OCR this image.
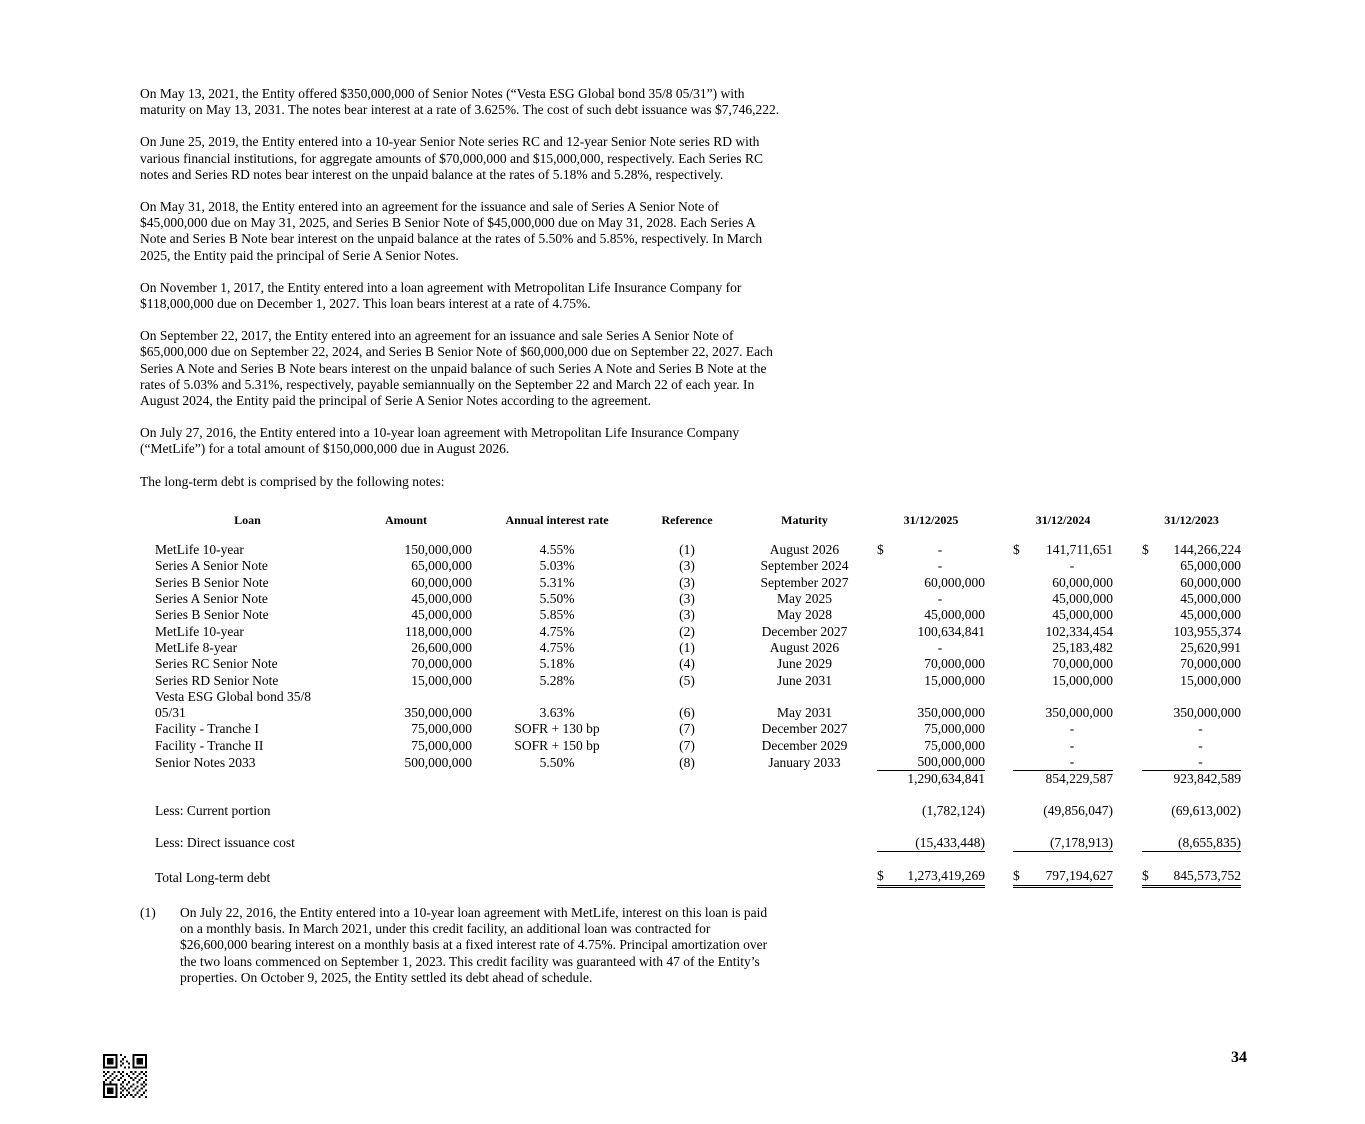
On May 13, 2021, the Entity offered $350,000,000 of Senior Notes (“Vesta ESG Global bond 35/8 05/31”) with maturity on May 13, 2031. The notes bear interest at a rate of 3.625%. The cost of such debt issuance was $7,746,222.

On June 25, 2019, the Entity entered into a 10-year Senior Note series RC and 12-year Senior Note series RD with various financial institutions, for aggregate amounts of $70,000,000 and $15,000,000, respectively. Each Series RC notes and Series RD notes bear interest on the unpaid balance at the rates of 5.18% and 5.28%, respectively.

On May 31, 2018, the Entity entered into an agreement for the issuance and sale of Series A Senior Note of $45,000,000 due on May 31, 2025, and Series B Senior Note of $45,000,000 due on May 31, 2028. Each Series A Note and Series B Note bear interest on the unpaid balance at the rates of 5.50% and 5.85%, respectively. In March 2025, the Entity paid the principal of Serie A Senior Notes.

On November 1, 2017, the Entity entered into a loan agreement with Metropolitan Life Insurance Company for $118,000,000 due on December 1, 2027. This loan bears interest at a rate of 4.75%.

On September 22, 2017, the Entity entered into an agreement for an issuance and sale Series A Senior Note of $65,000,000 due on September 22, 2024, and Series B Senior Note of $60,000,000 due on September 22, 2027. Each Series A Note and Series B Note bears interest on the unpaid balance of such Series A Note and Series B Note at the rates of 5.03% and 5.31%, respectively, payable semiannually on the September 22 and March 22 of each year. In August 2024, the Entity paid the principal of Serie A Senior Notes according to the agreement.

On July 27, 2016, the Entity entered into a 10-year loan agreement with Metropolitan Life Insurance Company (“MetLife”) for a total amount of $150,000,000 due in August 2026.

The long-term debt is comprised by the following notes:

Loan	Amount	Annual interest rate	Reference	Maturity	31/12/2025			31/12/2024			31/12/2023	

MetLife 10-year	150,000,000	4.55%	(1)	August 2026	$	-		$	141,711,651		$	144,266,224
Series A Senior Note	65,000,000	5.03%	(3)	September 2024		-			-			65,000,000
Series B Senior Note	60,000,000	5.31%	(3)	September 2027		60,000,000			60,000,000			60,000,000
Series A Senior Note	45,000,000	5.50%	(3)	May 2025		-			45,000,000			45,000,000
Series B Senior Note	45,000,000	5.85%	(3)	May 2028		45,000,000			45,000,000			45,000,000
MetLife 10-year	118,000,000	4.75%	(2)	December 2027		100,634,841			102,334,454			103,955,374
MetLife 8-year	26,600,000	4.75%	(1)	August 2026		-			25,183,482			25,620,991
Series RC Senior Note	70,000,000	5.18%	(4)	June 2029		70,000,000			70,000,000			70,000,000
Series RD Senior Note	15,000,000	5.28%	(5)	June 2031		15,000,000			15,000,000			15,000,000
Vesta ESG Global bond 35/8												
05/31	350,000,000	3.63%	(6)	May 2031		350,000,000			350,000,000			350,000,000
Facility - Tranche I	75,000,000	SOFR + 130 bp	(7)	December 2027		75,000,000			-			-
Facility - Tranche II	75,000,000	SOFR + 150 bp	(7)	December 2029		75,000,000			-			-
Senior Notes 2033	500,000,000	5.50%	(8)	January 2033		500,000,000			-			-
						1,290,634,841			854,229,587			923,842,589

Less: Current portion						(1,782,124)			(49,856,047)			(69,613,002)

Less: Direct issuance cost						(15,433,448)			(7,178,913)			(8,655,835)

Total Long-term debt					$	1,273,419,269		$	797,194,627		$	845,573,752
(1)	On July 22, 2016, the Entity entered into a 10-year loan agreement with MetLife, interest on this loan is paid on a monthly basis. In March 2021, under this credit facility, an additional loan was contracted for $26,600,000 bearing interest on a monthly basis at a fixed interest rate of 4.75%. Principal amortization over the two loans commenced on September 1, 2023. This credit facility was guaranteed with 47 of the Entity’s properties. On October 9, 2025, the Entity settled its debt ahead of schedule.
34
